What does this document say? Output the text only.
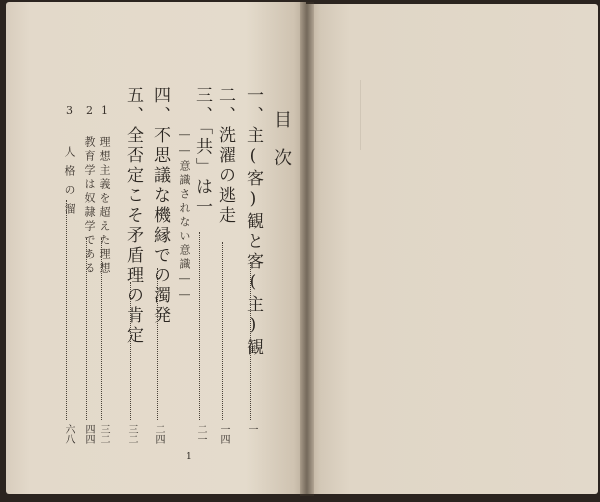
目次
一、主(客)観と客(主)観
一
二、洗濯の逃走
一四
三、「共」は一
二一
――意識されない意識――
四、不思議な機縁での濁発
二四
五、全否定こそ矛盾理の肯定
三二
1 理想主義を超えた理想
三二
2 教育学は奴隷学である
四四
3 人格の溜
六八
1
